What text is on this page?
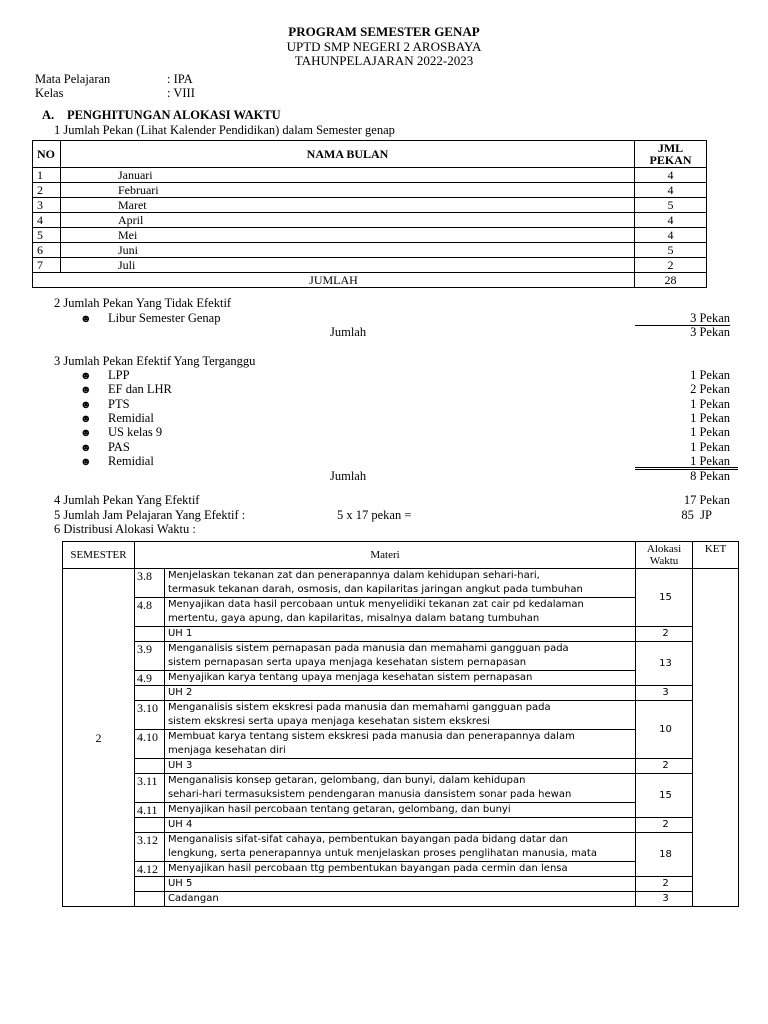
PROGRAM SEMESTER GENAP
UPTD SMP NEGERI 2 AROSBAYA
TAHUNPELAJARAN 2022-2023
Mata Pelajaran	: IPA
Kelas	: VIII
A. PENGHITUNGAN ALOKASI WAKTU
1 Jumlah Pekan (Lihat Kalender Pendidikan) dalam Semester genap
NO	NAMA BULAN	JML
PEKAN

1	Januari	4
2	Februari	4
3	Maret	5
4	April	4
5	Mei	4
6	Juni	5
7	Juli	2
JUMLAH		28
2 Jumlah Pekan Yang Tidak Efektif
☻ Libur Semester Genap	3 Pekan
Jumlah	3 Pekan
3 Jumlah Pekan Efektif Yang Terganggu
☻ LPP	1 Pekan
☻ EF dan LHR	2 Pekan
☻ PTS	1 Pekan
☻ Remidial	1 Pekan
☻ US kelas 9	1 Pekan
☻ PAS	1 Pekan
☻ Remidial	1 Pekan
Jumlah	8 Pekan
4 Jumlah Pekan Yang Efektif	17 Pekan
5 Jumlah Jam Pelajaran Yang Efektif :	5 x 17 pekan =	85  JP
6 Distribusi Alokasi Waktu :
SEMESTER	Materi		Alokasi
Waktu	KET
2	3.8	Menjelaskan tekanan zat dan penerapannya dalam kehidupan sehari-hari,
termasuk tekanan darah, osmosis, dan kapilaritas jaringan angkut pada tumbuhan	15	
	4.8	Menyajikan data hasil percobaan untuk menyelidiki tekanan zat cair pd kedalaman
mertentu, gaya apung, dan kapilaritas, misalnya dalam batang tumbuhan		

		UH 1	2	
	3.9	Menganalisis sistem pernapasan pada manusia dan memahami gangguan pada
sistem pernapasan serta upaya menjaga kesehatan sistem pernapasan	13	
	4.9	Menyajikan karya tentang upaya menjaga kesehatan sistem pernapasan		
		UH 2	3	
	3.10	Menganalisis sistem ekskresi pada manusia dan memahami gangguan pada
sistem ekskresi serta upaya menjaga kesehatan sistem ekskresi	10	
	4.10	Membuat karya tentang sistem ekskresi pada manusia dan penerapannya dalam
menjaga kesehatan diri		

		UH 3	2	
	3.11	Menganalisis konsep getaran, gelombang, dan bunyi, dalam kehidupan
sehari-hari termasuksistem pendengaran manusia dansistem sonar pada hewan	15	
	4.11	Menyajikan hasil percobaan tentang getaran, gelombang, dan bunyi		
		UH 4	2	
	3.12	Menganalisis sifat-sifat cahaya, pembentukan bayangan pada bidang datar dan
lengkung, serta penerapannya untuk menjelaskan proses penglihatan manusia, mata	18	
	4.12	Menyajikan hasil percobaan ttg pembentukan bayangan pada cermin dan lensa		
		UH 5	2	
		Cadangan	3	
